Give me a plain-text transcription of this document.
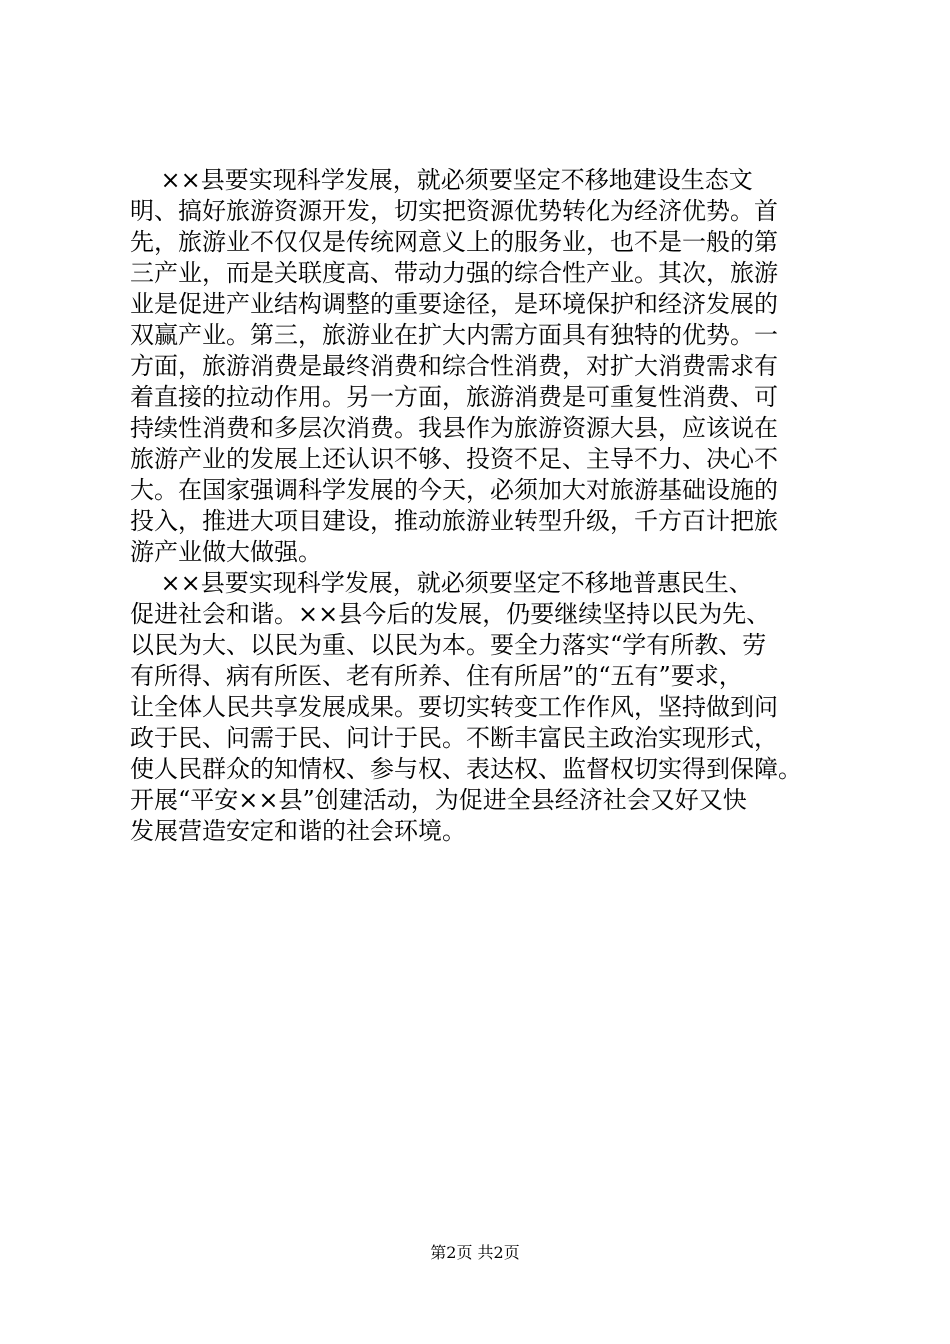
××县要实现科学发展，就必须要坚定不移地建设生态文
明、搞好旅游资源开发，切实把资源优势转化为经济优势。首
先，旅游业不仅仅是传统网意义上的服务业，也不是一般的第
三产业，而是关联度高、带动力强的综合性产业。其次，旅游
业是促进产业结构调整的重要途径，是环境保护和经济发展的
双赢产业。第三，旅游业在扩大内需方面具有独特的优势。一
方面，旅游消费是最终消费和综合性消费，对扩大消费需求有
着直接的拉动作用。另一方面，旅游消费是可重复性消费、可
持续性消费和多层次消费。我县作为旅游资源大县，应该说在
旅游产业的发展上还认识不够、投资不足、主导不力、决心不
大。在国家强调科学发展的今天，必须加大对旅游基础设施的
投入，推进大项目建设，推动旅游业转型升级，千方百计把旅
游产业做大做强。
××县要实现科学发展，就必须要坚定不移地普惠民生、
促进社会和谐。××县今后的发展，仍要继续坚持以民为先、
以民为大、以民为重、以民为本。要全力落实“学有所教、劳
有所得、病有所医、老有所养、住有所居”的“五有”要求，
让全体人民共享发展成果。要切实转变工作作风，坚持做到问
政于民、问需于民、问计于民。不断丰富民主政治实现形式，
使人民群众的知情权、参与权、表达权、监督权切实得到保障。
开展“平安××县”创建活动，为促进全县经济社会又好又快
发展营造安定和谐的社会环境。
第2页 共2页
